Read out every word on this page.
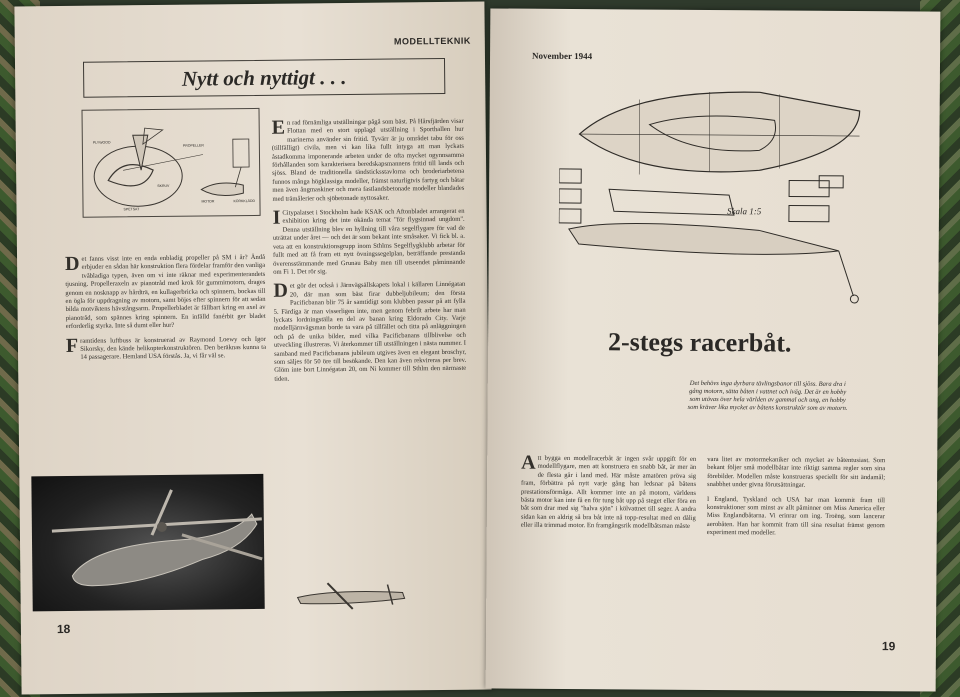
MODELLTEKNIK
Nytt och nyttigt . . .
PLYWOOD
PROPELLER
SKRUV
MOTOR
SPETSAT
KORKKLÄDD

Det fanns visst inte en enda enbladig propeller på SM i år? Ändå erbjuder en sådan här konstruktion flera fördelar framför den vanliga tvåbladiga typen, även om vi inte räknar med experimenterandets tjusning. Propelleraxeln av pianotråd med krok för gummimotorn, drages genom en nosknapp av hårdträ, en kullagerbricka och spinnern, bockas till en ögla för uppdragning av motorn, samt böjes efter spinnern för att sedan bilda motviktens hävstångsarm. Propellerbladet är fällbart kring en axel av pianotråd, som spännes kring spinnern. En infälld fanérbit ger bladet erforderlig styrka. Inte så dumt eller hur?

Framtidens luftbuss är konstruerad av Raymond Loewy och Igor Sikorsky, den kände helikopterkonstruktören. Den beräknas kunna ta 14 passagerare. Hemland USA förstås. Ja, vi får väl se.

En rad förnämliga utställningar pågå som bäst. På Hårsfjärden visar Flottan med en stort upplagd utställning i Sporthallen hur marinerna använder sin fritid. Tyvärr är ju området tabu för oss (tillfälligt) civila, men vi kan lika fullt intyga att man lyckats åstadkomma imponerande arbeten under de ofta mycket ogynnsamma förhållanden som karakterisera beredskapsmannens fritid till lands och sjöss. Bland de traditionella tändsticksstavlorna och broderiarbetena funnos många högklassiga modeller, främst naturligtvis fartyg och båtar men även ångmaskiner och mera fastlandsbetonade modeller blandades med trämålerier och sjöbetonade nyttosaker.

I Citypalatset i Stockholm hade KSAK och Aftonbladet arrangerat en exhibition kring det inte okända temat "för flygsinnad ungdom". Denna utställning blev en hyllning till våra segelflygare för vad de uträttat under året — och det är som bekant inte småsaker. Vi fick bl. a. veta att en konstruktionsgrupp inom Sthlms Segelflygklubb arbetar för fullt med att få fram ett nytt övningssegelplan, beträffande prestanda överensstämmande med Grunau Baby men till utseendet påminnande om Fi 1. Det rör sig.

Det gör det också i Järnvägsällskapets lokal i källaren Linnégatan 20, där man som bäst firar dubbeljubileum; den första Pacificbanan blir 75 år samtidigt som klubben passar på att fylla 5. Färdiga är man visserligen inte, men genom febrilt arbete har man lyckats lordningställa en del av banan kring Eldorado City. Varje modelljärnvägsman borde ta vara på tillfället och titta på anläggningen och på de unika bilder, med vilka Pacificbanans tillblivelse och utveckling illustreras. Vi återkommer till utställningen i nästa nummer. I samband med Pacificbanans jubileum utgives även en elegant broschyr, som säljes för 50 öre till besökande. Den kan även rekvireras per brev. Glöm inte bort Linnégatan 20, om Ni kommer till Sthlm den närmaste tiden.

18
November 1944
Skala 1:5
2-stegs racerbåt.
Det behövs inga dyrbara tävlingsbanor till sjöss. Bara dra i gång motorn, sätta båten i vattnet och iväg. Det är en hobby som utövas över hela världen av gammal och ung, en hobby som kräver lika mycket av båtens konstruktör som av motorn.

Att bygga en modellracerbåt är ingen svår uppgift för en modellflygare, men att konstruera en snabb båt, är mer än de flesta går i land med. Här måste amatören pröva sig fram, förbättra på nytt varje gång han ledsnar på båtens prestationsförmåga. Allt kommer inte an på motorn, världens bästa motor kan inte få en för tung båt upp på steget eller föra en båt som drar med sig "halva sjön" i kölvattnet till seger. A andra sidan kan en aldrig så bra båt inte nå topp-resultat med en dålig eller illa trimmad motor. En framgångsrik modellbåtsman måste

vara litet av motormekaniker och mycket av båtentusiast. Som bekant följer små modellbåtar inte riktigt samma regler som sina förebilder. Modellen måste konstrueras speciellt för sitt ändamål; snabbhet under givna förutsättningar.

I England, Tyskland och USA har man kommit fram till konstruktioner som minst av allt påminner om Miss America eller Miss Englandbåtarna. Vi erinrar om ing. Troëng, som lancerar aerobåten. Han har kommit fram till sina resultat främst genom experiment med modeller.

19
